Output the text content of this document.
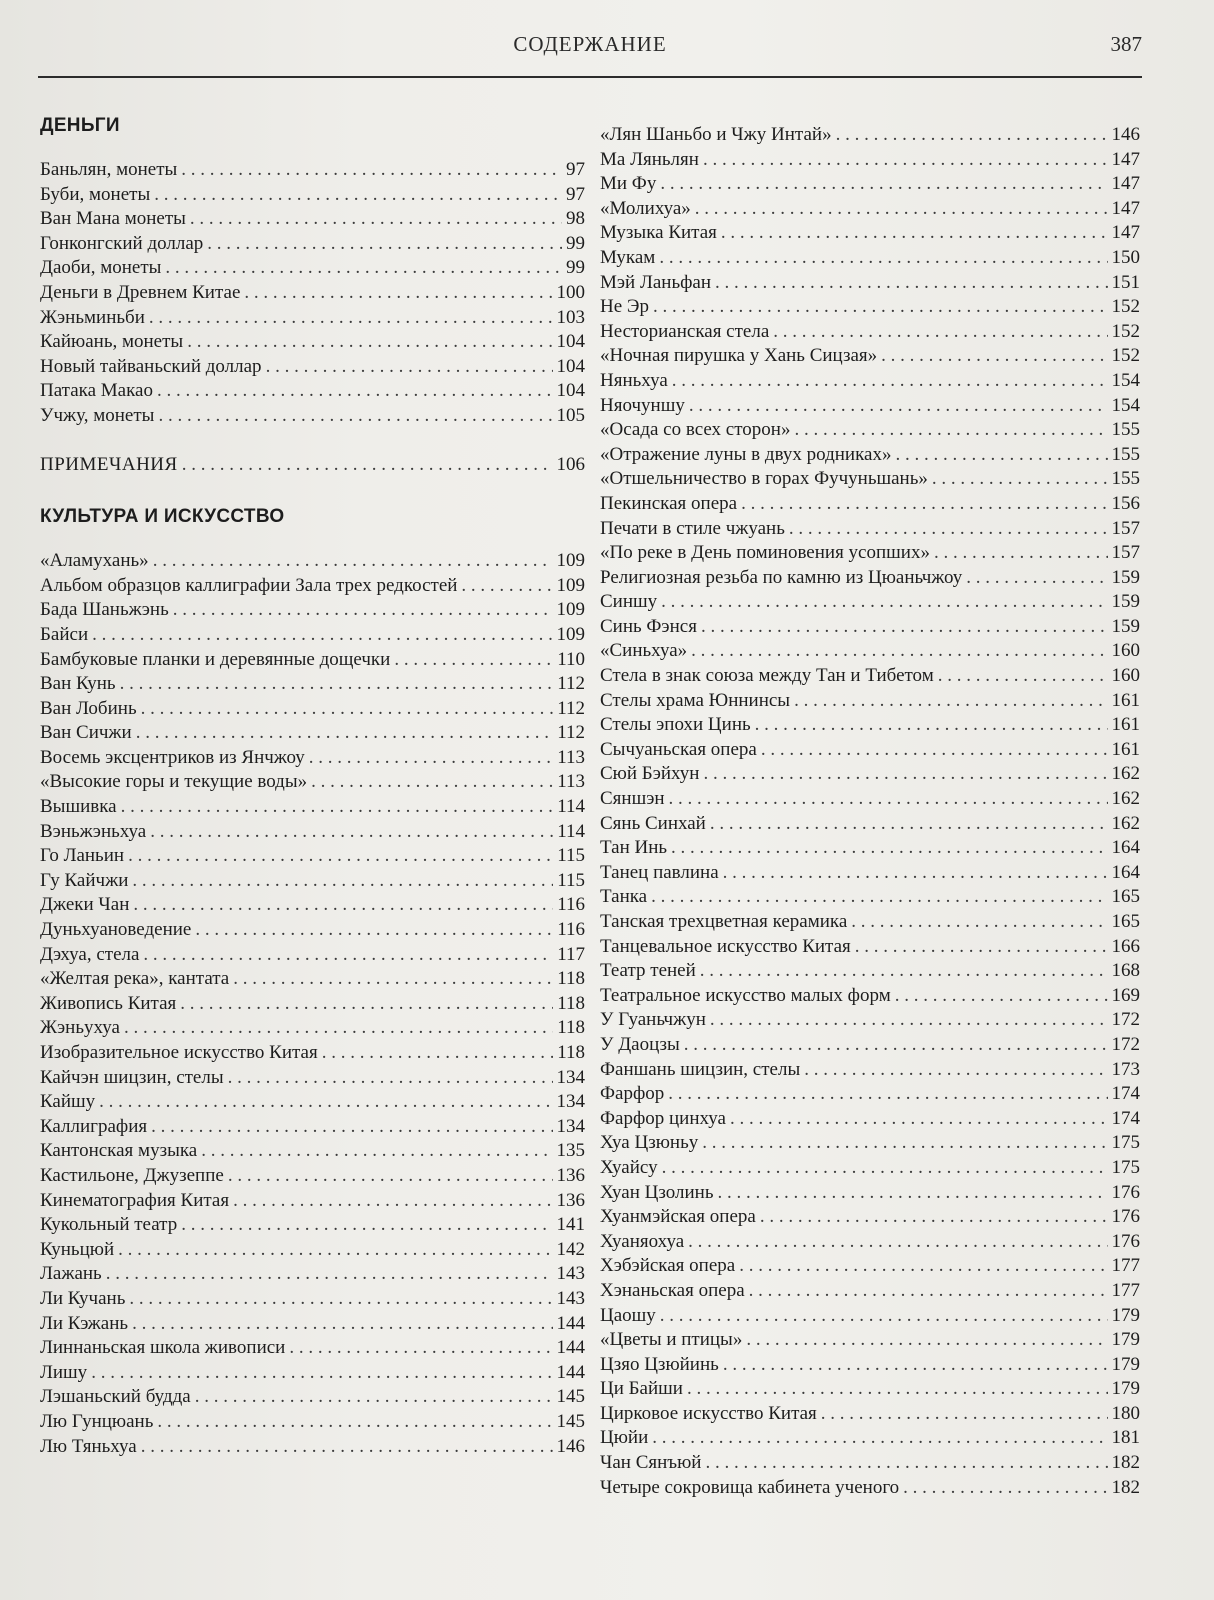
СОДЕРЖАНИЕ	387
ДЕНЬГИ
Баньлян, монеты . . .	97
Буби, монеты . . .	97
Ван Мана монеты . . .	98
Гонконгский доллар . . .	99
Даоби, монеты . . .	99
Деньги в Древнем Китае . . .	100
Жэньминьби . . .	103
Кайюань, монеты . . .	104
Новый тайваньский доллар . . .	104
Патака Макао . . .	104
Учжу, монеты . . .	105
ПРИМЕЧАНИЯ . . .	106
КУЛЬТУРА И ИСКУССТВО
«Аламухань» . . .	109
Альбом образцов каллиграфии Зала трех редкостей . . .	109
Бада Шаньжэнь . . .	109
Байси . . .	109
Бамбуковые планки и деревянные дощечки . . .	110
Ван Кунь . . .	112
Ван Лобинь . . .	112
Ван Сичжи . . .	112
Восемь эксцентриков из Янчжоу . . .	113
«Высокие горы и текущие воды» . . .	113
Вышивка . . .	114
Вэньжэньхуа . . .	114
Го Ланьин . . .	115
Гу Кайчжи . . .	115
Джеки Чан . . .	116
Дуньхуановедение . . .	116
Дэхуа, стела . . .	117
«Желтая река», кантата . . .	118
Живопись Китая . . .	118
Жэньухуа . . .	118
Изобразительное искусство Китая . . .	118
Кайчэн шицзин, стелы . . .	134
Кайшу . . .	134
Каллиграфия . . .	134
Кантонская музыка . . .	135
Кастильоне, Джузеппе . . .	136
Кинематография Китая . . .	136
Кукольный театр . . .	141
Куньцюй . . .	142
Лажань . . .	143
Ли Кучань . . .	143
Ли Кэжань . . .	144
Линнаньская школа живописи . . .	144
Лишу . . .	144
Лэшаньский будда . . .	145
Лю Гунцюань . . .	145
Лю Тяньхуа . . .	146
«Лян Шаньбо и Чжу Интай» . . .	146
Ма Ляньлян . . .	147
Ми Фу . . .	147
«Молихуа» . . .	147
Музыка Китая . . .	147
Мукам . . .	150
Мэй Ланьфан . . .	151
Не Эр . . .	152
Несторианская стела . . .	152
«Ночная пирушка у Хань Сицзая» . . .	152
Няньхуа . . .	154
Няочуншу . . .	154
«Осада со всех сторон» . . .	155
«Отражение луны в двух родниках» . . .	155
«Отшельничество в горах Фучуньшань» . . .	155
Пекинская опера . . .	156
Печати в стиле чжуань . . .	157
«По реке в День поминовения усопших» . . .	157
Религиозная резьба по камню из Цюаньчжоу . . .	159
Синшу . . .	159
Синь Фэнся . . .	159
«Синьхуа» . . .	160
Стела в знак союза между Тан и Тибетом . . .	160
Стелы храма Юннинсы . . .	161
Стелы эпохи Цинь . . .	161
Сычуаньская опера . . .	161
Сюй Бэйхун . . .	162
Сяншэн . . .	162
Сянь Синхай . . .	162
Тан Инь . . .	164
Танец павлина . . .	164
Танка . . .	165
Танская трехцветная керамика . . .	165
Танцевальное искусство Китая . . .	166
Театр теней . . .	168
Театральное искусство малых форм . . .	169
У Гуаньчжун . . .	172
У Даоцзы . . .	172
Фаншань шицзин, стелы . . .	173
Фарфор . . .	174
Фарфор цинхуа . . .	174
Хуа Цзюньу . . .	175
Хуайсу . . .	175
Хуан Цзолинь . . .	176
Хуанмэйская опера . . .	176
Хуаняохуа . . .	176
Хэбэйская опера . . .	177
Хэнаньская опера . . .	177
Цаошу . . .	179
«Цветы и птицы» . . .	179
Цзяо Цзюйинь . . .	179
Ци Байши . . .	179
Цирковое искусство Китая . . .	180
Цюйи . . .	181
Чан Сянъюй . . .	182
Четыре сокровища кабинета ученого . . .	182
